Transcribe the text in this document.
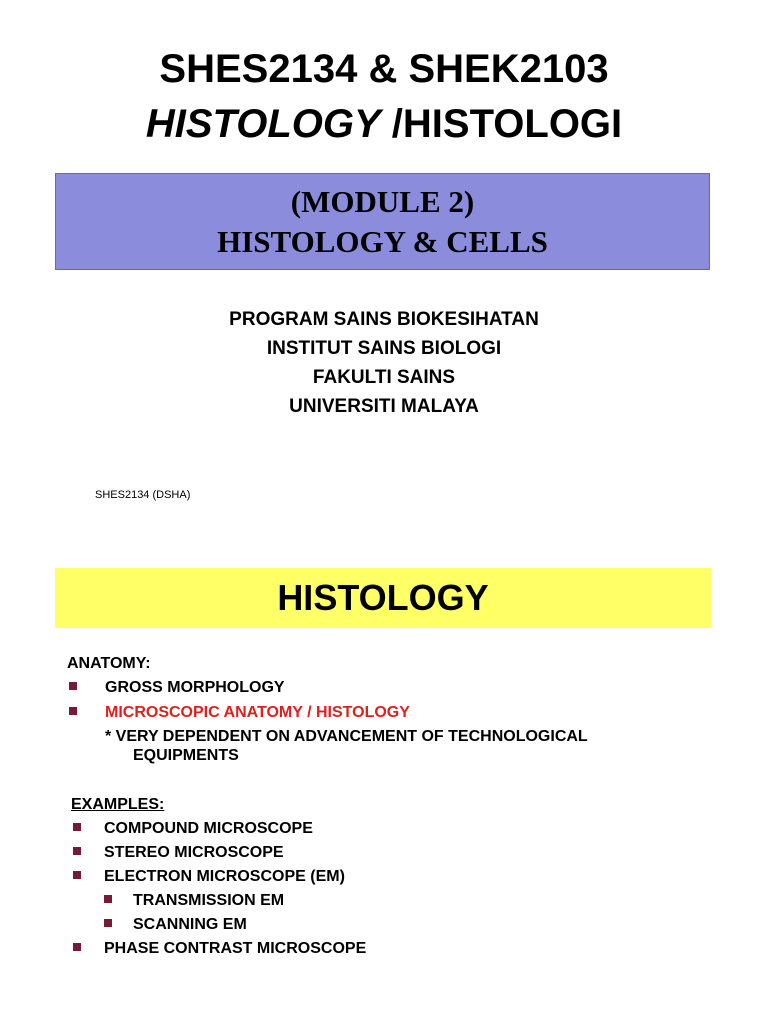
SHES2134 & SHEK2103
HISTOLOGY /HISTOLOGI
(MODULE 2)
HISTOLOGY & CELLS
PROGRAM SAINS BIOKESIHATAN
INSTITUT SAINS BIOLOGI
FAKULTI SAINS
UNIVERSITI MALAYA
SHES2134 (DSHA)
HISTOLOGY
ANATOMY:
GROSS MORPHOLOGY
MICROSCOPIC ANATOMY / HISTOLOGY
* VERY DEPENDENT ON ADVANCEMENT OF TECHNOLOGICAL
EQUIPMENTS
EXAMPLES:
COMPOUND MICROSCOPE
STEREO MICROSCOPE
ELECTRON MICROSCOPE (EM)
TRANSMISSION EM
SCANNING EM
PHASE CONTRAST MICROSCOPE
